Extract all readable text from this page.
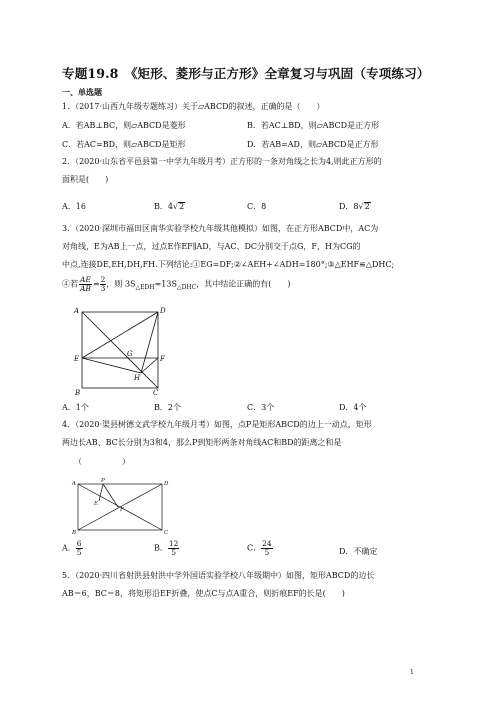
专题19.8　《矩形、菱形与正方形》全章复习与巩固（专项练习）
一、单选题
1．（2017·山西九年级专题练习）关于▱ABCD的叙述，正确的是（　　）
A．若AB⊥BC，则▱ABCD是菱形	B．若AC⊥BD，则▱ABCD是正方形
C．若AC=BD，则▱ABCD是矩形	D．若AB=AD，则▱ABCD是正方形
2．（2020·山东省平邑县第一中学九年级月考）正方形的一条对角线之长为4,则此正方形的
面积是(　　)
A．16	B．4√2	C．8	D．8√2
3．（2020·深圳市福田区南华实验学校九年级其他模拟）如图，在正方形ABCD中，AC为
对角线，E为AB上一点，过点E作EF∥AD，与AC、DC分别交于点G，F，H为CG的
中点,连接DE,EH,DH,FH.下列结论:①EG=DF;②∠AEH+∠ADH=180°;③△EHF≌△DHC;
④若 $\frac{AE}{AB} = \frac{2}{3}$ ，则 $3S_{\triangle EDH}=13S_{\triangle DHC}$，其中结论正确的有(　　)
A	D
E	F
G
H
B	C
A．1个	B．2个	C．3个	D．4个
4．（2020·渠县树德文武学校九年级月考）如图，点P是矩形ABCD的边上一动点，矩形
两边长AB、BC长分别为3和4，那么P到矩形两条对角线AC和BD的距离之和是
（　　　　　）
A	P	D
E
F
B	C
A． $\frac{6}{5}$	B． $\frac{12}{5}$	C． $\frac{24}{5}$	D．不确定
5．（2020·四川省射洪县射洪中学外国语实验学校八年级期中）如图，矩形ABCD的边长
AB＝6，BC＝8，将矩形沿EF折叠，使点C与点A重合，则折痕EF的长是(　　)
1
